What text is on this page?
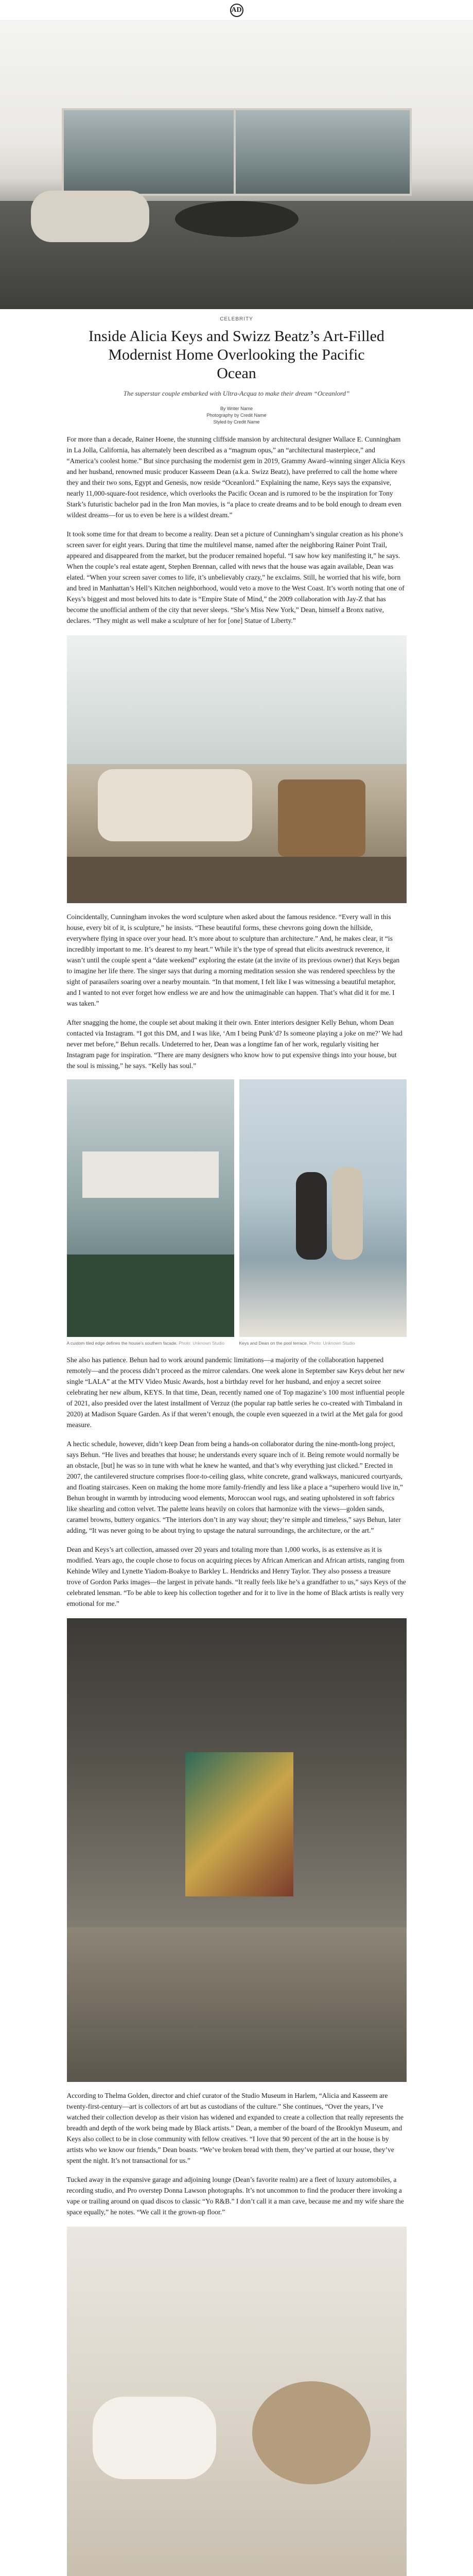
AD
CELEBRITY
Inside Alicia Keys and Swizz Beatz’s Art-Filled Modernist Home Overlooking the Pacific Ocean
The superstar couple embarked with Ultra-Acqua to make their dream “Oceanlord”
By Writer Name
Photography by Credit Name
Styled by Credit Name

For more than a decade, Rainer Hoene, the stunning cliffside mansion by architectural designer Wallace E. Cunningham in La Jolla, California, has alternately been described as a “magnum opus,” an “architectural masterpiece,” and “America’s coolest home.” But since purchasing the modernist gem in 2019, Grammy Award–winning singer Alicia Keys and her husband, renowned music producer Kasseem Dean (a.k.a. Swizz Beatz), have preferred to call the home where they and their two sons, Egypt and Genesis, now reside “Oceanlord.” Explaining the name, Keys says the expansive, nearly 11,000-square-foot residence, which overlooks the Pacific Ocean and is rumored to be the inspiration for Tony Stark’s futuristic bachelor pad in the Iron Man movies, is “a place to create dreams and to be bold enough to dream even wildest dreams—for us to even be here is a wildest dream.”

It took some time for that dream to become a reality. Dean set a picture of Cunningham’s singular creation as his phone’s screen saver for eight years. During that time the multilevel manse, named after the neighboring Rainer Point Trail, appeared and disappeared from the market, but the producer remained hopeful. “I saw how key manifesting it,” he says. When the couple’s real estate agent, Stephen Brennan, called with news that the house was again available, Dean was elated. “When your screen saver comes to life, it’s unbelievably crazy,” he exclaims. Still, he worried that his wife, born and bred in Manhattan’s Hell’s Kitchen neighborhood, would veto a move to the West Coast. It’s worth noting that one of Keys’s biggest and most beloved hits to date is “Empire State of Mind,” the 2009 collaboration with Jay-Z that has become the unofficial anthem of the city that never sleeps. “She’s Miss New York,” Dean, himself a Bronx native, declares. “They might as well make a sculpture of her for [one] Statue of Liberty.”

Coincidentally, Cunningham invokes the word sculpture when asked about the famous residence. “Every wall in this house, every bit of it, is sculpture,” he insists. “These beautiful forms, these chevrons going down the hillside, everywhere flying in space over your head. It’s more about to sculpture than architecture.” And, he makes clear, it “is incredibly important to me. It’s dearest to my heart.” While it’s the type of spread that elicits awestruck reverence, it wasn’t until the couple spent a “date weekend” exploring the estate (at the invite of its previous owner) that Keys began to imagine her life there. The singer says that during a morning meditation session she was rendered speechless by the sight of parasailers soaring over a nearby mountain. “In that moment, I felt like I was witnessing a beautiful metaphor, and I wanted to not ever forget how endless we are and how the unimaginable can happen. That’s what did it for me. I was taken.”

After snagging the home, the couple set about making it their own. Enter interiors designer Kelly Behun, whom Dean contacted via Instagram. “I got this DM, and I was like, ‘Am I being Punk’d? Is someone playing a joke on me?’ We had never met before,” Behun recalls. Undeterred to her, Dean was a longtime fan of her work, regularly visiting her Instagram page for inspiration. “There are many designers who know how to put expensive things into your house, but the soul is missing,” he says. “Kelly has soul.”

A custom tiled edge defines the house’s southern facade. Photo: Unknown Studio	Keys and Dean on the pool terrace. Photo: Unknown Studio

She also has patience. Behun had to work around pandemic limitations—a majority of the collaboration happened remotely—and the process didn’t proceed as the mirror calendars. One week alone in September saw Keys debut her new single “LALA” at the MTV Video Music Awards, host a birthday revel for her husband, and enjoy a secret soiree celebrating her new album, KEYS. In that time, Dean, recently named one of Top magazine’s 100 most influential people of 2021, also presided over the latest installment of Verzuz (the popular rap battle series he co-created with Timbaland in 2020) at Madison Square Garden. As if that weren’t enough, the couple even squeezed in a twirl at the Met gala for good measure.

A hectic schedule, however, didn’t keep Dean from being a hands-on collaborator during the nine-month-long project, says Behun. “He lives and breathes that house; he understands every square inch of it. Being remote would normally be an obstacle, [but] he was so in tune with what he knew he wanted, and that’s why everything just clicked.” Erected in 2007, the cantilevered structure comprises floor-to-ceiling glass, white concrete, grand walkways, manicured courtyards, and floating staircases. Keen on making the home more family-friendly and less like a place a “superhero would live in,” Behun brought in warmth by introducing wood elements, Moroccan wool rugs, and seating upholstered in soft fabrics like shearling and cotton velvet. The palette leans heavily on colors that harmonize with the views—golden sands, caramel browns, buttery organics. “The interiors don’t in any way shout; they’re simple and timeless,” says Behun, later adding, “It was never going to be about trying to upstage the natural surroundings, the architecture, or the art.”

Dean and Keys’s art collection, amassed over 20 years and totaling more than 1,000 works, is as extensive as it is modified. Years ago, the couple chose to focus on acquiring pieces by African American and African artists, ranging from Kehinde Wiley and Lynette Yiadom-Boakye to Barkley L. Hendricks and Henry Taylor. They also possess a treasure trove of Gordon Parks images—the largest in private hands. “It really feels like he’s a grandfather to us,” says Keys of the celebrated lensman. “To be able to keep his collection together and for it to live in the home of Black artists is really very emotional for me.”

According to Thelma Golden, director and chief curator of the Studio Museum in Harlem, “Alicia and Kasseem are twenty-first-century—art is collectors of art but as custodians of the culture.” She continues, “Over the years, I’ve watched their collection develop as their vision has widened and expanded to create a collection that really represents the breadth and depth of the work being made by Black artists.” Dean, a member of the board of the Brooklyn Museum, and Keys also collect to be in close community with fellow creatives. “I love that 90 percent of the art in the house is by artists who we know our friends,” Dean boasts. “We’ve broken bread with them, they’ve partied at our house, they’ve spent the night. It’s not transactional for us.”

Tucked away in the expansive garage and adjoining lounge (Dean’s favorite realm) are a fleet of luxury automobiles, a recording studio, and Pro overstep Donna Lawson photographs. It’s not uncommon to find the producer there invoking a vape or trailing around on quad discos to classic “Yo R&B.” I don’t call it a man cave, because me and my wife share the space equally,” he notes. “We call it the grown-up floor.”
